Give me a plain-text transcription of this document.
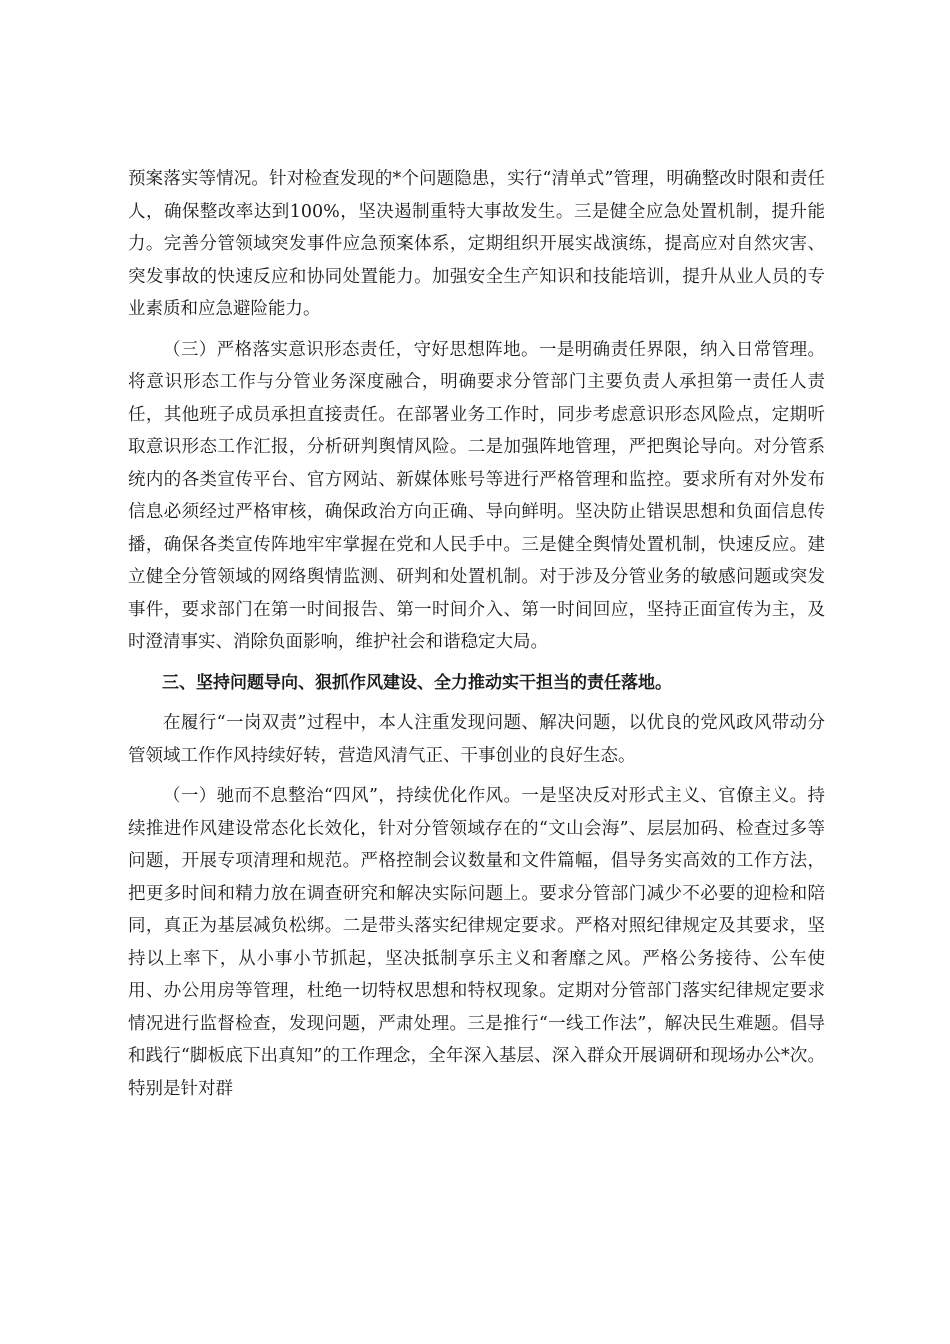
预案落实等情况。针对检查发现的*个问题隐患，实行“清单式”管理，明确整改时限和责任人，确保整改率达到100%，坚决遏制重特大事故发生。三是健全应急处置机制，提升能力。完善分管领域突发事件应急预案体系，定期组织开展实战演练，提高应对自然灾害、突发事故的快速反应和协同处置能力。加强安全生产知识和技能培训，提升从业人员的专业素质和应急避险能力。

（三）严格落实意识形态责任，守好思想阵地。一是明确责任界限，纳入日常管理。将意识形态工作与分管业务深度融合，明确要求分管部门主要负责人承担第一责任人责任，其他班子成员承担直接责任。在部署业务工作时，同步考虑意识形态风险点，定期听取意识形态工作汇报，分析研判舆情风险。二是加强阵地管理，严把舆论导向。对分管系统内的各类宣传平台、官方网站、新媒体账号等进行严格管理和监控。要求所有对外发布信息必须经过严格审核，确保政治方向正确、导向鲜明。坚决防止错误思想和负面信息传播，确保各类宣传阵地牢牢掌握在党和人民手中。三是健全舆情处置机制，快速反应。建立健全分管领域的网络舆情监测、研判和处置机制。对于涉及分管业务的敏感问题或突发事件，要求部门在第一时间报告、第一时间介入、第一时间回应，坚持正面宣传为主，及时澄清事实、消除负面影响，维护社会和谐稳定大局。

三、坚持问题导向、狠抓作风建设、全力推动实干担当的责任落地。

在履行“一岗双责”过程中，本人注重发现问题、解决问题，以优良的党风政风带动分管领域工作作风持续好转，营造风清气正、干事创业的良好生态。

（一）驰而不息整治“四风”，持续优化作风。一是坚决反对形式主义、官僚主义。持续推进作风建设常态化长效化，针对分管领域存在的“文山会海”、层层加码、检查过多等问题，开展专项清理和规范。严格控制会议数量和文件篇幅，倡导务实高效的工作方法，把更多时间和精力放在调查研究和解决实际问题上。要求分管部门减少不必要的迎检和陪同，真正为基层减负松绑。二是带头落实纪律规定要求。严格对照纪律规定及其要求，坚持以上率下，从小事小节抓起，坚决抵制享乐主义和奢靡之风。严格公务接待、公车使用、办公用房等管理，杜绝一切特权思想和特权现象。定期对分管部门落实纪律规定要求情况进行监督检查，发现问题，严肃处理。三是推行“一线工作法”，解决民生难题。倡导和践行“脚板底下出真知”的工作理念，全年深入基层、深入群众开展调研和现场办公*次。特别是针对群
